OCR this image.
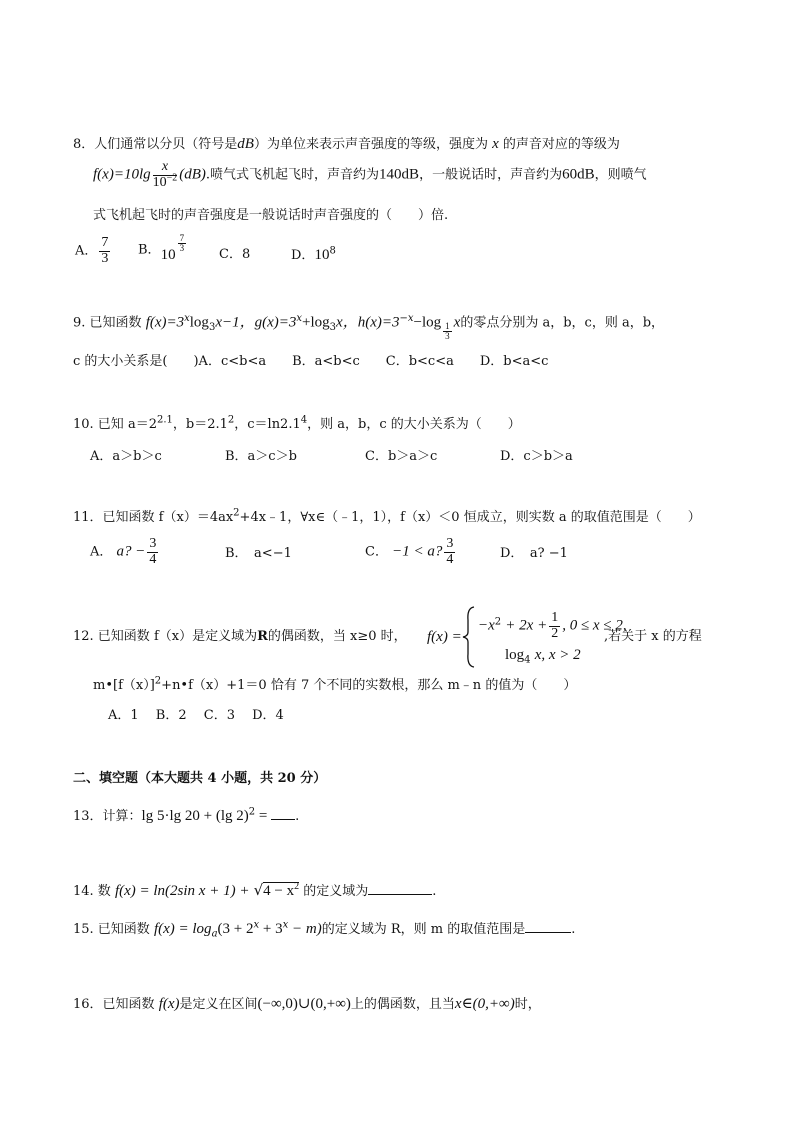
8．人们通常以分贝（符号是dB）为单位来表示声音强度的等级，强度为 x 的声音对应的等级为
$f(x)=10\lg \frac{x}{10^{-2}} (dB)$.喷气式飞机起飞时，声音约为140dB，一般说话时，声音约为60dB，则喷气
式飞机起飞时的声音强度是一般说话时声音强度的（　　）倍.
A． $\frac{7}{3}$ B．10
$\frac{7}{3}$
C．8	D．$10^8$
9. 已知函数 $f(x)=3^x\log_3x-1$，$g(x)=3^x+\log_3x$，$h(x)=3^{-x}-\log \frac{1}{3}$ x的零点分别为 a，b，c，则 a，b，
c 的大小关系是(　　)A．c<b<a　　B．a<b<c　　C．b<c<a　　D．b<a<c
10. 已知 $a=2^{2.1}$，$b=2.1^2$，$c=\ln 2.1^4$，则 a，b，c 的大小关系为（　　）
A．a＞b＞c	B．a＞c＞b	C．b＞a＞c	D．c＞b＞a
11．已知函数 $f(x)=4ax^2+4x﹣1$，∀x∈（﹣1，1），f（x）＜0 恒成立，则实数 a 的取值范围是（　　）
A． a? − $\frac{3}{4}$	B．　a<−1	C． −1 < a? $\frac{3}{4}$	D．　a? −1
12. 已知函数 f（x）是定义域为R的偶函数，当 x≥0 时， f(x) =
$-x^2 + 2x + \frac{1}{2}$ , 0 ≤ x ≤ 2,
$\log_4 x$, x > 2
,若关于 x 的方程
$m•[f(x)]^2+n•f(x)+1=0$ 恰有 7 个不同的实数根，那么 m﹣n 的值为（　　）
A．1　 B．2　 C．3　 D．4
二、填空题（本大题共 4 小题，共 20 分）
13．计算：lg 5·lg 20 + (lg 2)$^2$ = .
14. 数 f(x) = ln(2sin $x + 1) + √4 - x^2$ 的定义域为	.
15. 已知函数 $f(x) = \log_a(3 + 2^x + 3^x - m)$的定义域为 R，则 m 的取值范围是	.
16．已知函数 f(x)是定义在区间(−∞,0)∪(0,+∞)上的偶函数，且当x∈(0,+∞)时，
